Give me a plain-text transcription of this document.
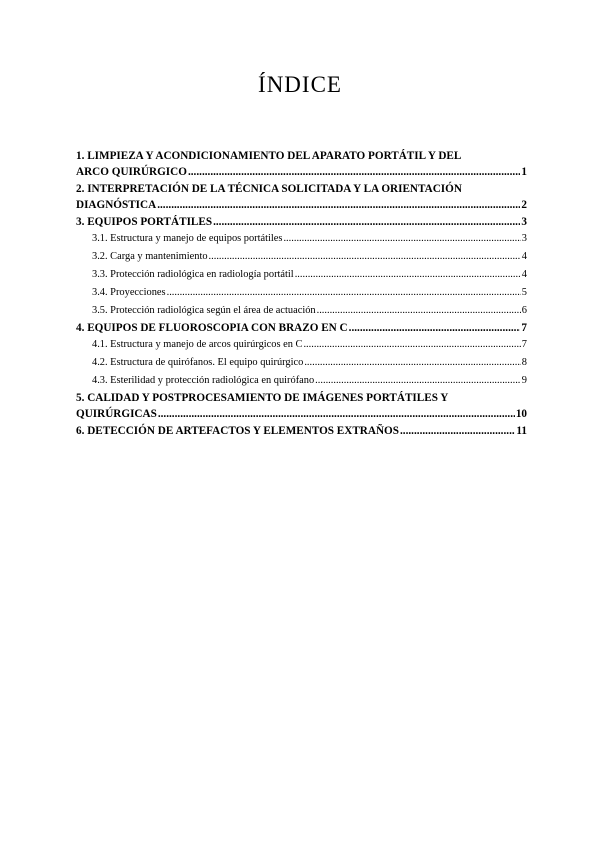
ÍNDICE
1. LIMPIEZA Y ACONDICIONAMIENTO DEL APARATO PORTÁTIL Y DEL
ARCO QUIRÚRGICO .....	1
2. INTERPRETACIÓN DE LA TÉCNICA SOLICITADA Y LA ORIENTACIÓN
DIAGNÓSTICA .....	2
3. EQUIPOS PORTÁTILES .....	3
3.1. Estructura y manejo de equipos portátiles .....	3
3.2. Carga y mantenimiento .....	4
3.3. Protección radiológica en radiología portátil .....	4
3.4. Proyecciones .....	5
3.5. Protección radiológica según el área de actuación .....	6
4. EQUIPOS DE FLUOROSCOPIA CON BRAZO EN C .....	7
4.1. Estructura y manejo de arcos quirúrgicos en C .....	7
4.2. Estructura de quirófanos. El equipo quirúrgico .....	8
4.3. Esterilidad y protección radiológica en quirófano .....	9
5. CALIDAD Y POSTPROCESAMIENTO DE IMÁGENES PORTÁTILES Y
QUIRÚRGICAS .....	10
6. DETECCIÓN DE ARTEFACTOS Y ELEMENTOS EXTRAÑOS .....	11
